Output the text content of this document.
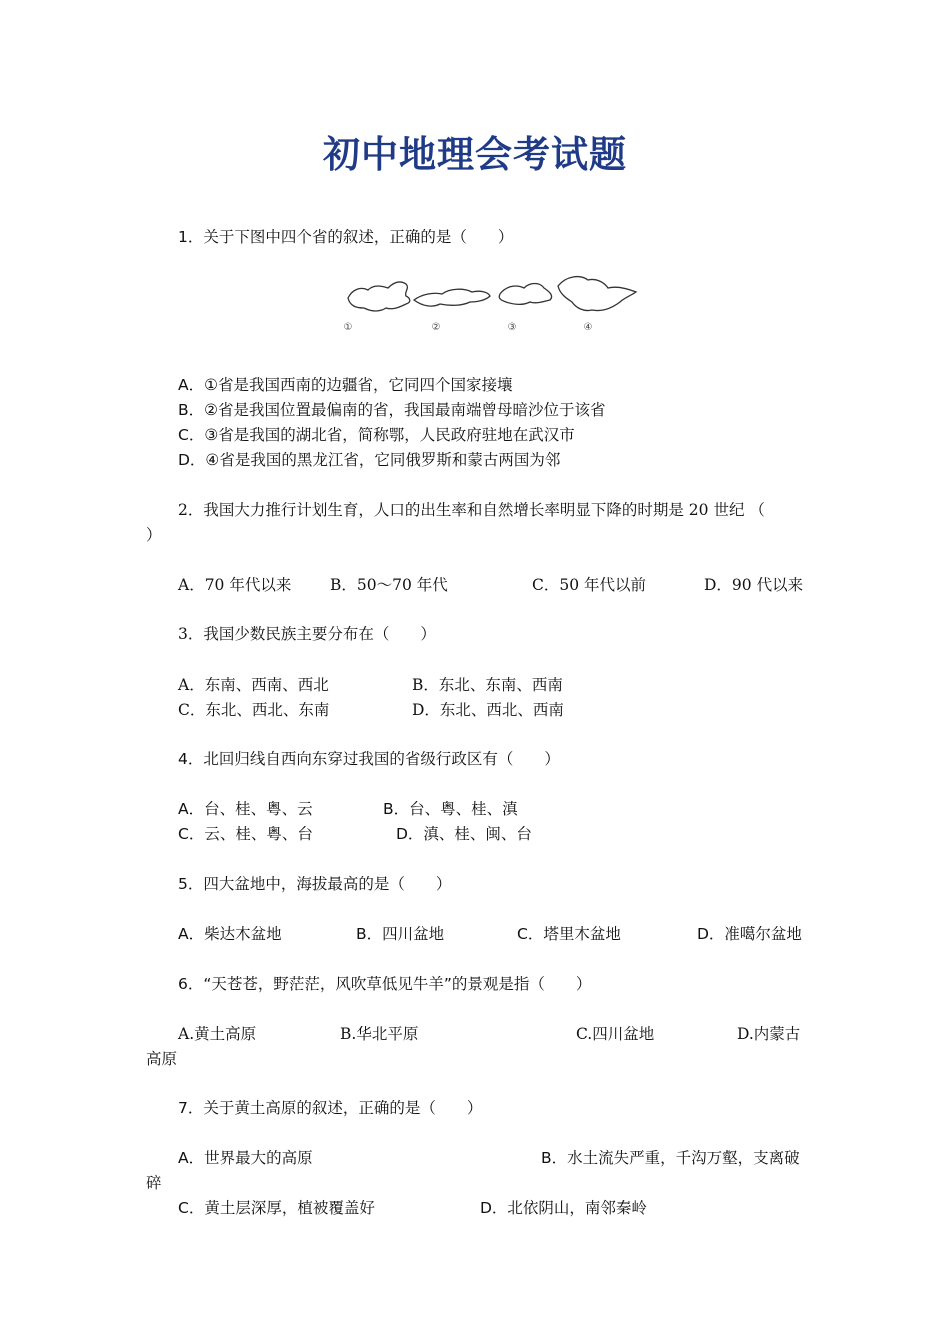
初中地理会考试题
1．关于下图中四个省的叙述，正确的是（　　）
①	②	③	④
A．①省是我国西南的边疆省，它同四个国家接壤
B．②省是我国位置最偏南的省，我国最南端曾母暗沙位于该省
C．③省是我国的湖北省，简称鄂，人民政府驻地在武汉市
D．④省是我国的黑龙江省，它同俄罗斯和蒙古两国为邻
2．我国大力推行计划生育，人口的出生率和自然增长率明显下降的时期是 20 世纪 （
）
A．70 年代以来 B．50～70 年代	C．50 年代以前	D．90 代以来
3．我国少数民族主要分布在（　　）
A．东南、西南、西北	B．东北、东南、西南
C．东北、西北、东南	D．东北、西北、西南
4．北回归线自西向东穿过我国的省级行政区有（　　）
A．台、桂、粤、云	B．台、粤、桂、滇
C．云、桂、粤、台	D．滇、桂、闽、台
5．四大盆地中，海拔最高的是（　　）
A．柴达木盆地	B．四川盆地	C．塔里木盆地	D．准噶尔盆地
6．“天苍苍，野茫茫，风吹草低见牛羊”的景观是指（　　）
A.黄土高原	B.华北平原	C.四川盆地	D.内蒙古
高原
7．关于黄土高原的叙述，正确的是（　　）
A．世界最大的高原	B．水土流失严重，千沟万壑，支离破
碎
C．黄土层深厚，植被覆盖好	D．北依阴山，南邻秦岭
